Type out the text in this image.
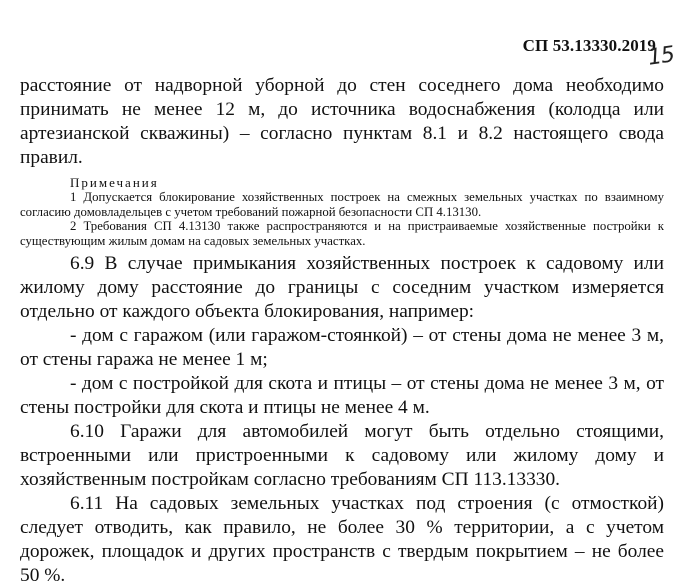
СП 53.13330.2019
15

расстояние от надворной уборной до стен соседнего дома необходимо принимать не менее 12 м, до источника водоснабжения (колодца или артезианской скважины) – согласно пунктам 8.1 и 8.2 настоящего свода правил.

Примечания

1 Допускается блокирование хозяйственных построек на смежных земельных участках по взаимному согласию домовладельцев с учетом требований пожарной безопасности СП 4.13130.

2 Требования СП 4.13130 также распространяются и на пристраиваемые хозяйственные постройки к существующим жилым домам на садовых земельных участках.

6.9 В случае примыкания хозяйственных построек к садовому или жилому дому расстояние до границы с соседним участком измеряется отдельно от каждого объекта блокирования, например:

- дом с гаражом (или гаражом-стоянкой) – от стены дома не менее 3 м, от стены гаража не менее 1 м;

- дом с постройкой для скота и птицы – от стены дома не менее 3 м, от стены постройки для скота и птицы не менее 4 м.

6.10 Гаражи для автомобилей могут быть отдельно стоящими, встроенными или пристроенными к садовому или жилому дому и хозяйственным постройкам согласно требованиям СП 113.13330.

6.11 На садовых земельных участках под строения (с отмосткой) следует отводить, как правило, не более 30 % территории, а с учетом дорожек, площадок и других пространств с твердым покрытием – не более 50 %.
